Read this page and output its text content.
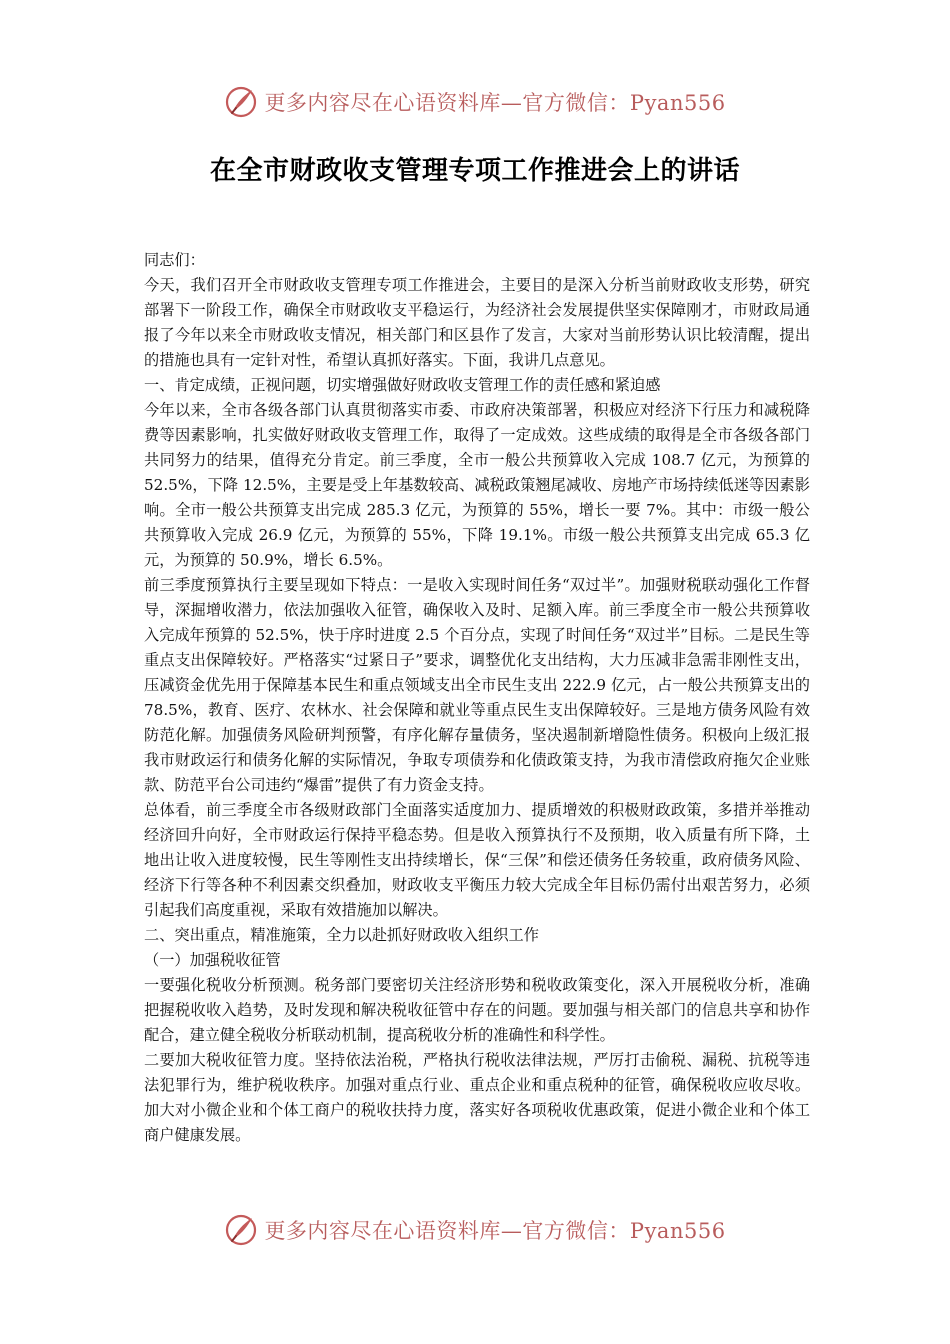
更多内容尽在心语资料库—官方微信：Pyan556
在全市财政收支管理专项工作推进会上的讲话

同志们：

今天，我们召开全市财政收支管理专项工作推进会，主要目的是深入分析当前财政收支形势，研究部署下一阶段工作，确保全市财政收支平稳运行，为经济社会发展提供坚实保障刚才，市财政局通报了今年以来全市财政收支情况，相关部门和区县作了发言，大家对当前形势认识比较清醒，提出的措施也具有一定针对性，希望认真抓好落实。下面，我讲几点意见。

一、肯定成绩，正视问题，切实增强做好财政收支管理工作的责任感和紧迫感

今年以来，全市各级各部门认真贯彻落实市委、市政府决策部署，积极应对经济下行压力和减税降费等因素影响，扎实做好财政收支管理工作，取得了一定成效。这些成绩的取得是全市各级各部门共同努力的结果，值得充分肯定。前三季度，全市一般公共预算收入完成 108.7 亿元，为预算的 52.5%，下降 12.5%，主要是受上年基数较高、减税政策翘尾减收、房地产市场持续低迷等因素影响。全市一般公共预算支出完成 285.3 亿元，为预算的 55%，增长一要 7%。其中：市级一般公共预算收入完成 26.9 亿元，为预算的 55%，下降 19.1%。市级一般公共预算支出完成 65.3 亿元，为预算的 50.9%，增长 6.5%。

前三季度预算执行主要呈现如下特点：一是收入实现时间任务“双过半”。加强财税联动强化工作督导，深掘增收潜力，依法加强收入征管，确保收入及时、足额入库。前三季度全市一般公共预算收入完成年预算的 52.5%，快于序时进度 2.5 个百分点，实现了时间任务“双过半”目标。二是民生等重点支出保障较好。严格落实“过紧日子”要求，调整优化支出结构，大力压减非急需非刚性支出，压减资金优先用于保障基本民生和重点领域支出全市民生支出 222.9 亿元，占一般公共预算支出的 78.5%，教育、医疗、农林水、社会保障和就业等重点民生支出保障较好。三是地方债务风险有效防范化解。加强债务风险研判预警，有序化解存量债务，坚决遏制新增隐性债务。积极向上级汇报我市财政运行和债务化解的实际情况，争取专项债券和化债政策支持，为我市清偿政府拖欠企业账款、防范平台公司违约“爆雷”提供了有力资金支持。

总体看，前三季度全市各级财政部门全面落实适度加力、提质增效的积极财政政策，多措并举推动经济回升向好，全市财政运行保持平稳态势。但是收入预算执行不及预期，收入质量有所下降，土地出让收入进度较慢，民生等刚性支出持续增长，保“三保”和偿还债务任务较重，政府债务风险、经济下行等各种不利因素交织叠加，财政收支平衡压力较大完成全年目标仍需付出艰苦努力，必须引起我们高度重视，采取有效措施加以解决。

二、突出重点，精准施策，全力以赴抓好财政收入组织工作

（一）加强税收征管

一要强化税收分析预测。税务部门要密切关注经济形势和税收政策变化，深入开展税收分析，准确把握税收收入趋势，及时发现和解决税收征管中存在的问题。要加强与相关部门的信息共享和协作配合，建立健全税收分析联动机制，提高税收分析的准确性和科学性。

二要加大税收征管力度。坚持依法治税，严格执行税收法律法规，严厉打击偷税、漏税、抗税等违法犯罪行为，维护税收秩序。加强对重点行业、重点企业和重点税种的征管，确保税收应收尽收。加大对小微企业和个体工商户的税收扶持力度，落实好各项税收优惠政策，促进小微企业和个体工商户健康发展。

更多内容尽在心语资料库—官方微信：Pyan556
